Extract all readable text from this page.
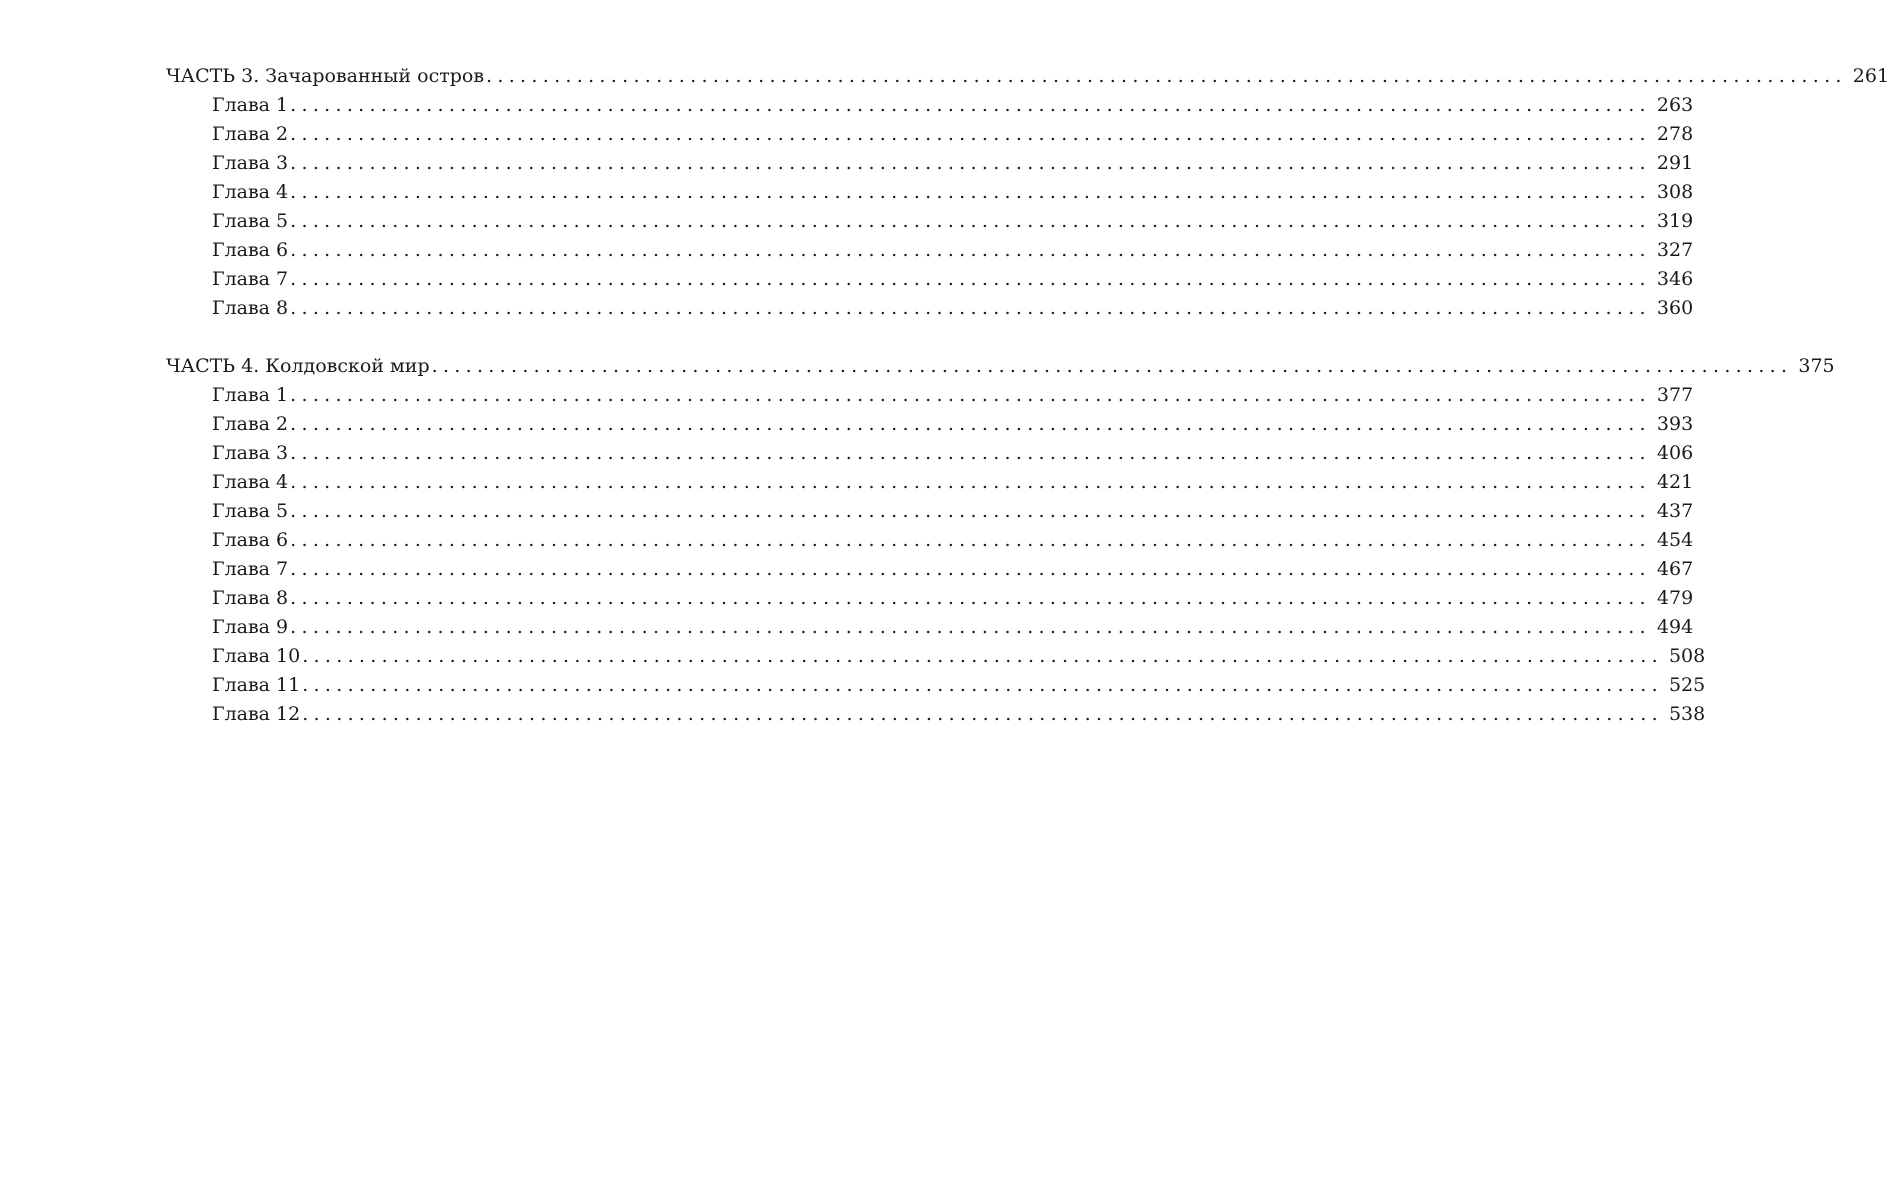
ЧАСТЬ 3. Зачарованный остров ........................................................................................................................ 261
Глава 1 ........................................................................................................................ 263
Глава 2 ........................................................................................................................ 278
Глава 3 ........................................................................................................................ 291
Глава 4 ........................................................................................................................ 308
Глава 5 ........................................................................................................................ 319
Глава 6 ........................................................................................................................ 327
Глава 7 ........................................................................................................................ 346
Глава 8 ........................................................................................................................ 360
ЧАСТЬ 4. Колдовской мир ........................................................................................................................ 375
Глава 1 ........................................................................................................................ 377
Глава 2 ........................................................................................................................ 393
Глава 3 ........................................................................................................................ 406
Глава 4 ........................................................................................................................ 421
Глава 5 ........................................................................................................................ 437
Глава 6 ........................................................................................................................ 454
Глава 7 ........................................................................................................................ 467
Глава 8 ........................................................................................................................ 479
Глава 9 ........................................................................................................................ 494
Глава 10 ........................................................................................................................ 508
Глава 11 ........................................................................................................................ 525
Глава 12 ........................................................................................................................ 538
